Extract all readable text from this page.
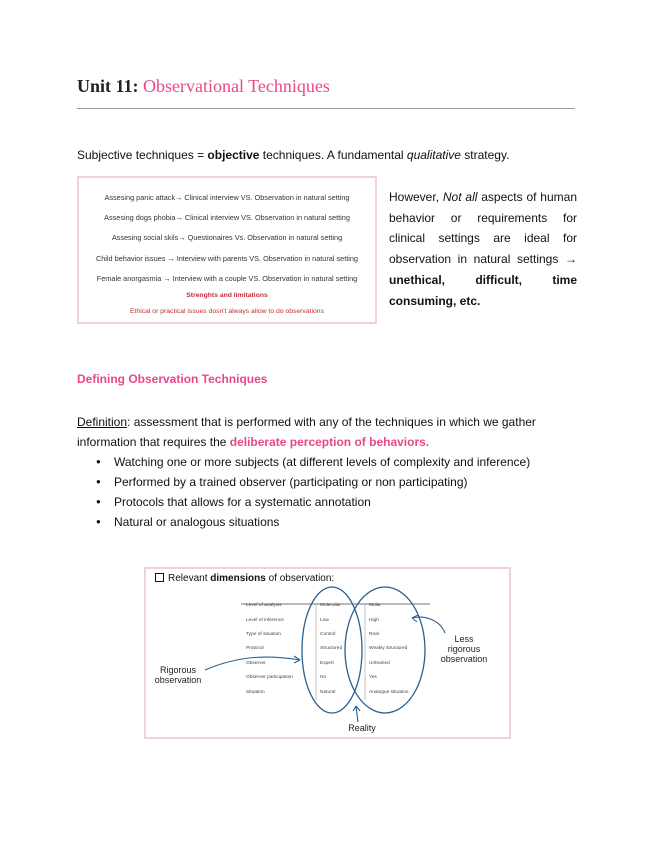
Unit 11: Observational Techniques
Subjective techniques = objective techniques. A fundamental qualitative strategy.
Assesing panic attack→ Clinical interview VS. Observation in natural setting
Assesing dogs phobia→ Clinical interview VS. Observation in natural setting
Assesing social skils→ Questionaires Vs. Observation in natural setting
Child behavior issues → Interview with parents VS. Observation in natural setting
Female anorgasmia → Interview with a couple VS. Observation in natural setting
Strenghts and limitations
Ethical or practical issues dosn't always allow to do observations
However, Not all aspects of human behavior or requirements for clinical settings are ideal for observation in natural settings → unethical, difficult, time consuming, etc.
Defining Observation Techniques
Definition: assessment that is performed with any of the techniques in which we gather information that requires the deliberate perception of behaviors.
● Watching one or more subjects (at different levels of complexity and inference)
● Performed by a trained observer (participating or non participating)
● Protocols that allows for a systematic annotation
● Natural or analogous situations
Relevant dimensions of observation:
Level of analysis	Molecular	Molar
Level of inference	Low	High
Type of situation	Control	Real
Protocol	Structured	Weakly structured
Observer	Expert	Untrained
Observer participation	No	Yes
Situation	Natural	Analogue situation
Rigorous observation
Less rigorous observation
Reality
